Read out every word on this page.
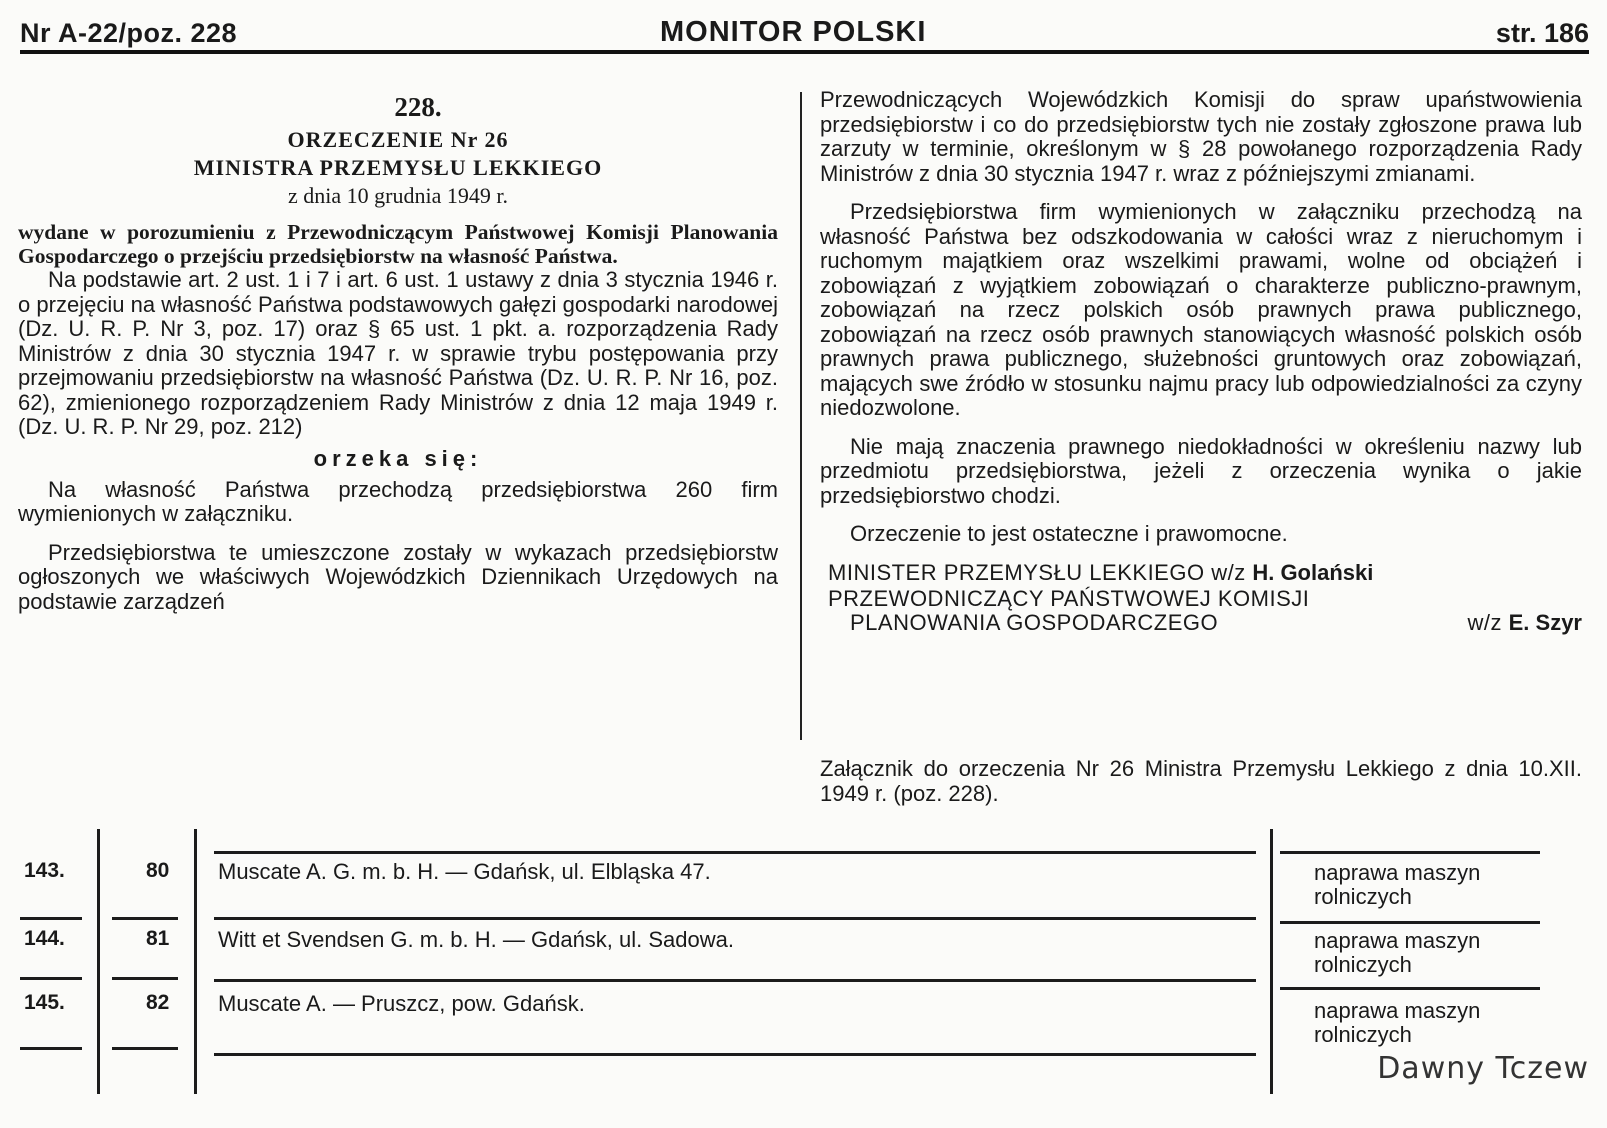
Nr A-22/poz. 228	MONITOR POLSKI	str. 186

228.

ORZECZENIE Nr 26

MINISTRA PRZEMYSŁU LEKKIEGO

z dnia 10 grudnia 1949 r.

wydane w porozumieniu z Przewodniczącym Państwowej Komisji Planowania Gospodarczego o przejściu przedsiębiorstw na własność Państwa.

Na podstawie art. 2 ust. 1 i 7 i art. 6 ust. 1 ustawy z dnia 3 stycznia 1946 r. o przejęciu na własność Państwa podstawowych gałęzi gospodarki narodowej (Dz. U. R. P. Nr 3, poz. 17) oraz § 65 ust. 1 pkt. a. rozporządzenia Rady Ministrów z dnia 30 stycznia 1947 r. w sprawie trybu postępowania przy przejmowaniu przedsiębiorstw na własność Państwa (Dz. U. R. P. Nr 16, poz. 62), zmienionego rozporządzeniem Rady Ministrów z dnia 12 maja 1949 r. (Dz. U. R. P. Nr 29, poz. 212)

orzeka się:

Na własność Państwa przechodzą przedsiębiorstwa 260 firm wymienionych w załączniku.

Przedsiębiorstwa te umieszczone zostały w wykazach przedsiębiorstw ogłoszonych we właściwych Wojewódzkich Dziennikach Urzędowych na podstawie zarządzeń

Przewodniczących Wojewódzkich Komisji do spraw upaństwowienia przedsiębiorstw i co do przedsiębiorstw tych nie zostały zgłoszone prawa lub zarzuty w terminie, określonym w § 28 powołanego rozporządzenia Rady Ministrów z dnia 30 stycznia 1947 r. wraz z późniejszymi zmianami.

Przedsiębiorstwa firm wymienionych w załączniku przechodzą na własność Państwa bez odszkodowania w całości wraz z nieruchomym i ruchomym majątkiem oraz wszelkimi prawami, wolne od obciążeń i zobowiązań z wyjątkiem zobowiązań o charakterze publiczno-prawnym, zobowiązań na rzecz polskich osób prawnych prawa publicznego, zobowiązań na rzecz osób prawnych stanowiących własność polskich osób prawnych prawa publicznego, służebności gruntowych oraz zobowiązań, mających swe źródło w stosunku najmu pracy lub odpowiedzialności za czyny niedozwolone.

Nie mają znaczenia prawnego niedokładności w określeniu nazwy lub przedmiotu przedsiębiorstwa, jeżeli z orzeczenia wynika o jakie przedsiębiorstwo chodzi.

Orzeczenie to jest ostateczne i prawomocne.

MINISTER PRZEMYSŁU LEKKIEGO w/z H. Golański

PRZEWODNICZĄCY PAŃSTWOWEJ KOMISJI

PLANOWANIA GOSPODARCZEGO	w/z E. Szyr

Załącznik do orzeczenia Nr 26 Ministra Przemysłu Lekkiego z dnia 10.XII. 1949 r. (poz. 228).

143.	80 Muscate A. G. m. b. H. — Gdańsk, ul. Elbląska 47.	naprawa maszyn
rolniczych
144.	81 Witt et Svendsen G. m. b. H. — Gdańsk, ul. Sadowa.	naprawa maszyn
rolniczych
145.	82 Muscate A. — Pruszcz, pow. Gdańsk.	naprawa maszyn
rolniczych
Dawny Tczew
